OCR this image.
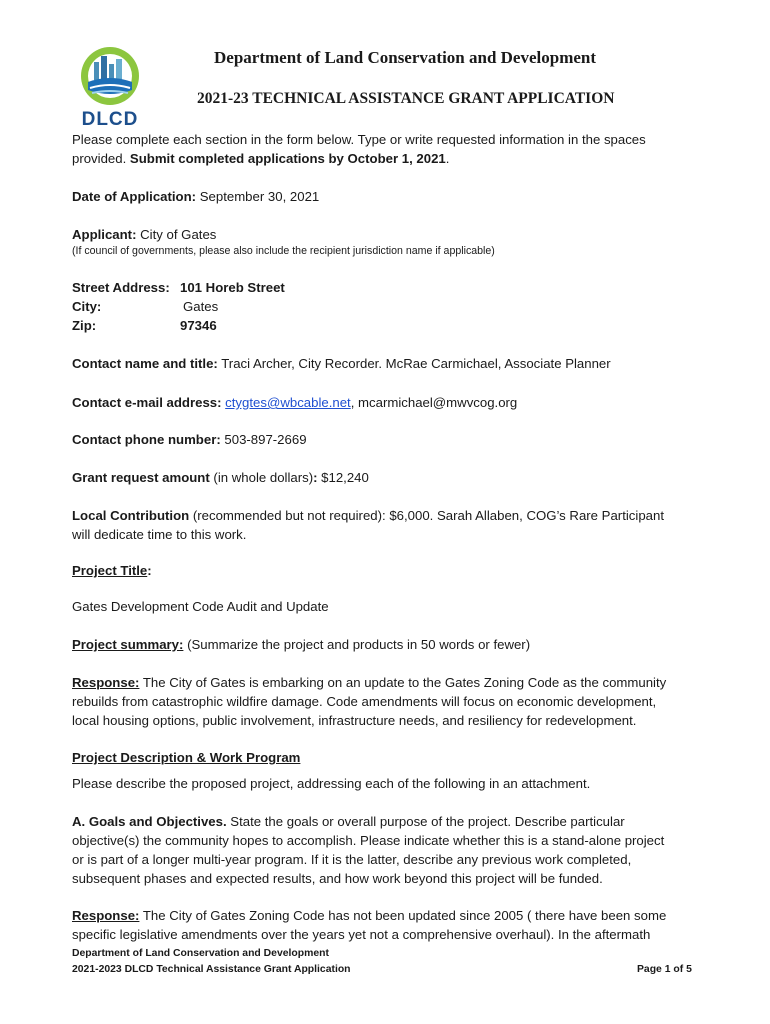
DLCD
Department of Land Conservation and Development
2021-23 TECHNICAL ASSISTANCE GRANT APPLICATION
Please complete each section in the form below. Type or write requested information in the spaces
provided. Submit completed applications by October 1, 2021.
Date of Application: September 30, 2021
Applicant: City of Gates
(If council of governments, please also include the recipient jurisdiction name if applicable)
Street Address: 101 Horeb Street
City:	Gates
Zip:	97346
Contact name and title: Traci Archer, City Recorder. McRae Carmichael, Associate Planner
Contact e-mail address: ctygtes@wbcable.net, mcarmichael@mwvcog.org
Contact phone number: 503-897-2669
Grant request amount (in whole dollars): $12,240
Local Contribution (recommended but not required): $6,000. Sarah Allaben, COG’s Rare Participant
will dedicate time to this work.
Project Title:
Gates Development Code Audit and Update
Project summary: (Summarize the project and products in 50 words or fewer)
Response: The City of Gates is embarking on an update to the Gates Zoning Code as the community
rebuilds from catastrophic wildfire damage. Code amendments will focus on economic development,
local housing options, public involvement, infrastructure needs, and resiliency for redevelopment.
Project Description & Work Program
Please describe the proposed project, addressing each of the following in an attachment.
A. Goals and Objectives. State the goals or overall purpose of the project. Describe particular
objective(s) the community hopes to accomplish. Please indicate whether this is a stand-alone project
or is part of a longer multi-year program. If it is the latter, describe any previous work completed,
subsequent phases and expected results, and how work beyond this project will be funded.
Response: The City of Gates Zoning Code has not been updated since 2005 ( there have been some
specific legislative amendments over the years yet not a comprehensive overhaul). In the aftermath
Department of Land Conservation and Development
2021-2023 DLCD Technical Assistance Grant Application	Page 1 of 5
